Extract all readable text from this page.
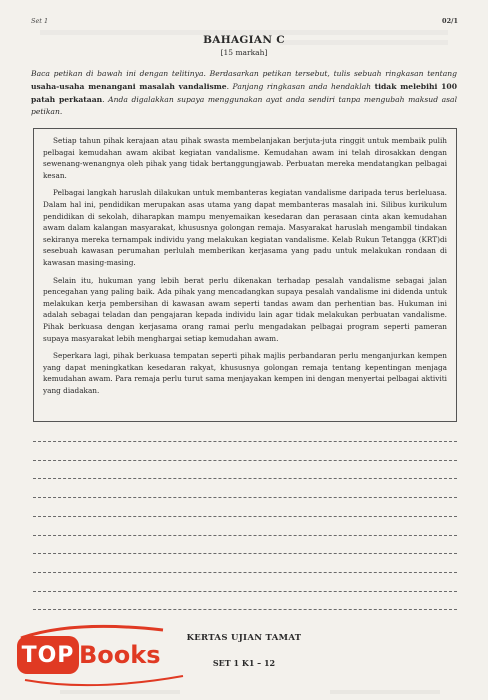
Set 1	02/1
BAHAGIAN C
[15 markah]
Baca petikan di bawah ini dengan telitinya. Berdasarkan petikan tersebut, tulis sebuah ringkasan tentang usaha-usaha menangani masalah vandalisme. Panjang ringkasan anda hendaklah tidak melebihi 100 patah perkataan. Anda digalakkan supaya menggunakan ayat anda sendiri tanpa mengubah maksud asal petikan.

Setiap tahun pihak kerajaan atau pihak swasta membelanjakan berjuta-juta ringgit untuk membaik pulih pelbagai kemudahan awam akibat kegiatan vandalisme. Kemudahan awam ini telah dirosakkan dengan sewenang-wenangnya oleh pihak yang tidak bertanggungjawab. Perbuatan mereka mendatangkan pelbagai kesan.

Pelbagai langkah haruslah dilakukan untuk membanteras kegiatan vandalisme daripada terus berleluasa. Dalam hal ini, pendidikan merupakan asas utama yang dapat membanteras masalah ini. Silibus kurikulum pendidikan di sekolah, diharapkan mampu menyemaikan kesedaran dan perasaan cinta akan kemudahan awam dalam kalangan masyarakat, khususnya golongan remaja. Masyarakat haruslah mengambil tindakan sekiranya mereka ternampak individu yang melakukan kegiatan vandalisme. Kelab Rukun Tetangga (KRT)di sesebuah kawasan perumahan perlulah memberikan kerjasama yang padu untuk melakukan rondaan di kawasan masing-masing.

Selain itu, hukuman yang lebih berat perlu dikenakan terhadap pesalah vandalisme sebagai jalan pencegahan yang paling baik. Ada pihak yang mencadangkan supaya pesalah vandalisme ini didenda untuk melakukan kerja pembersihan di kawasan awam seperti tandas awam dan perhentian bas. Hukuman ini adalah sebagai teladan dan pengajaran kepada individu lain agar tidak melakukan perbuatan vandalisme. Pihak berkuasa dengan kerjasama orang ramai perlu mengadakan pelbagai program seperti pameran supaya masyarakat lebih menghargai setiap kemudahan awam.

Seperkara lagi, pihak berkuasa tempatan seperti pihak majlis perbandaran perlu menganjurkan kempen yang dapat meningkatkan kesedaran rakyat, khususnya golongan remaja tentang kepentingan menjaga kemudahan awam. Para remaja perlu turut sama menjayakan kempen ini dengan menyertai pelbagai aktiviti yang diadakan.

TOP Books
KERTAS UJIAN TAMAT
SET 1 K1 – 12
